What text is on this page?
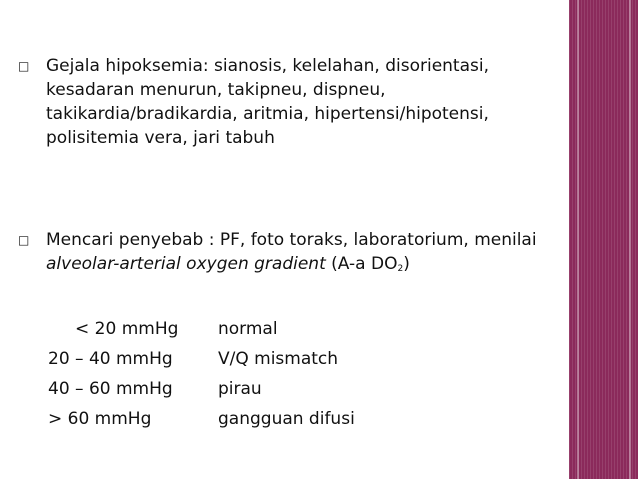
□ Gejala hipoksemia: sianosis, kelelahan, disorientasi, kesadaran menurun, takipneu, dispneu, takikardia/bradikardia, aritmia, hipertensi/hipotensi, polisitemia vera, jari tabuh
□ Mencari penyebab : PF, foto toraks, laboratorium, menilai alveolar-arterial oxygen gradient (A-a $DO_2$)
< 20 mmHg	normal
20 – 40 mmHg	V/Q mismatch
40 – 60 mmHg	pirau
> 60 mmHg	gangguan difusi
